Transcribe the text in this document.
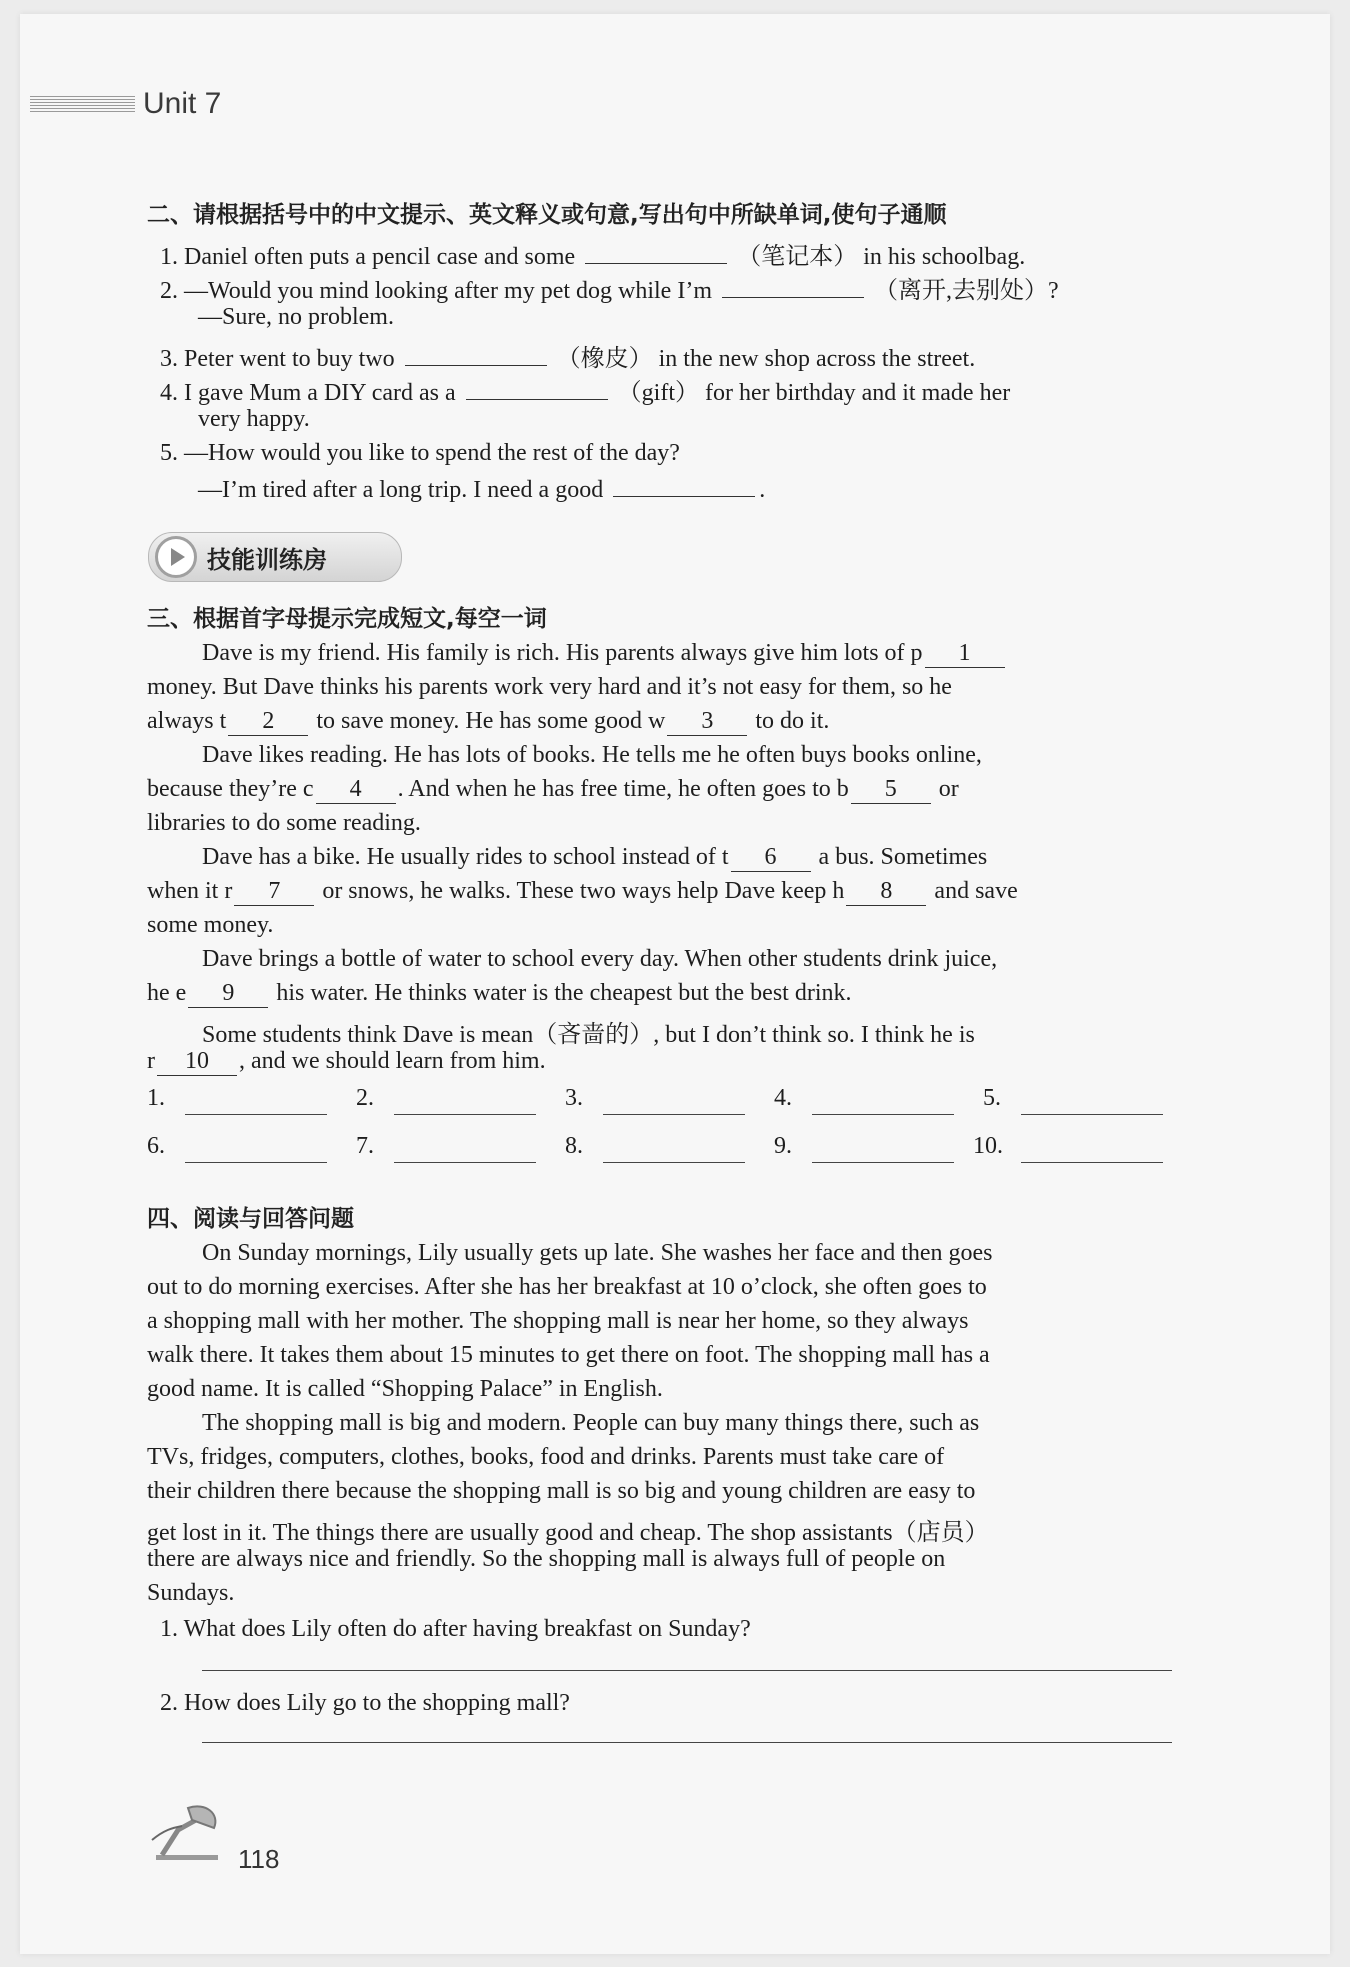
Unit 7
二、请根据括号中的中文提示、英文释义或句意,写出句中所缺单词,使句子通顺
1. Daniel often puts a pencil case and some	（笔记本） in his schoolbag.
2. —Would you mind looking after my pet dog while I’m	（离开,去别处）?
—Sure, no problem.
3. Peter went to buy two	（橡皮） in the new shop across the street.
4. I gave Mum a DIY card as a	（gift） for her birthday and it made her
very happy.
5. —How would you like to spend the rest of the day?
—I’m tired after a long trip. I need a good	.
技能训练房
三、根据首字母提示完成短文,每空一词
Dave is my friend. His family is rich. His parents always give him lots of p 1
money. But Dave thinks his parents work very hard and it’s not easy for them, so he
always t 2 to save money. He has some good w 3 to do it.
Dave likes reading. He has lots of books. He tells me he often buys books online,
because they’re c 4 . And when he has free time, he often goes to b 5 or
libraries to do some reading.
Dave has a bike. He usually rides to school instead of t 6 a bus. Sometimes
when it r 7 or snows, he walks. These two ways help Dave keep h 8 and save
some money.
Dave brings a bottle of water to school every day. When other students drink juice,
he e 9 his water. He thinks water is the cheapest but the best drink.
Some students think Dave is mean（吝啬的）, but I don’t think so. I think he is
r 10 , and we should learn from him.
1.	2.	3.	4.	5.
6.	7.	8.	9.	10.
四、阅读与回答问题
On Sunday mornings, Lily usually gets up late. She washes her face and then goes
out to do morning exercises. After she has her breakfast at 10 o’clock, she often goes to
a shopping mall with her mother. The shopping mall is near her home, so they always
walk there. It takes them about 15 minutes to get there on foot. The shopping mall has a
good name. It is called “Shopping Palace” in English.
The shopping mall is big and modern. People can buy many things there, such as
TVs, fridges, computers, clothes, books, food and drinks. Parents must take care of
their children there because the shopping mall is so big and young children are easy to
get lost in it. The things there are usually good and cheap. The shop assistants（店员）
there are always nice and friendly. So the shopping mall is always full of people on
Sundays.
1. What does Lily often do after having breakfast on Sunday?
2. How does Lily go to the shopping mall?
118
